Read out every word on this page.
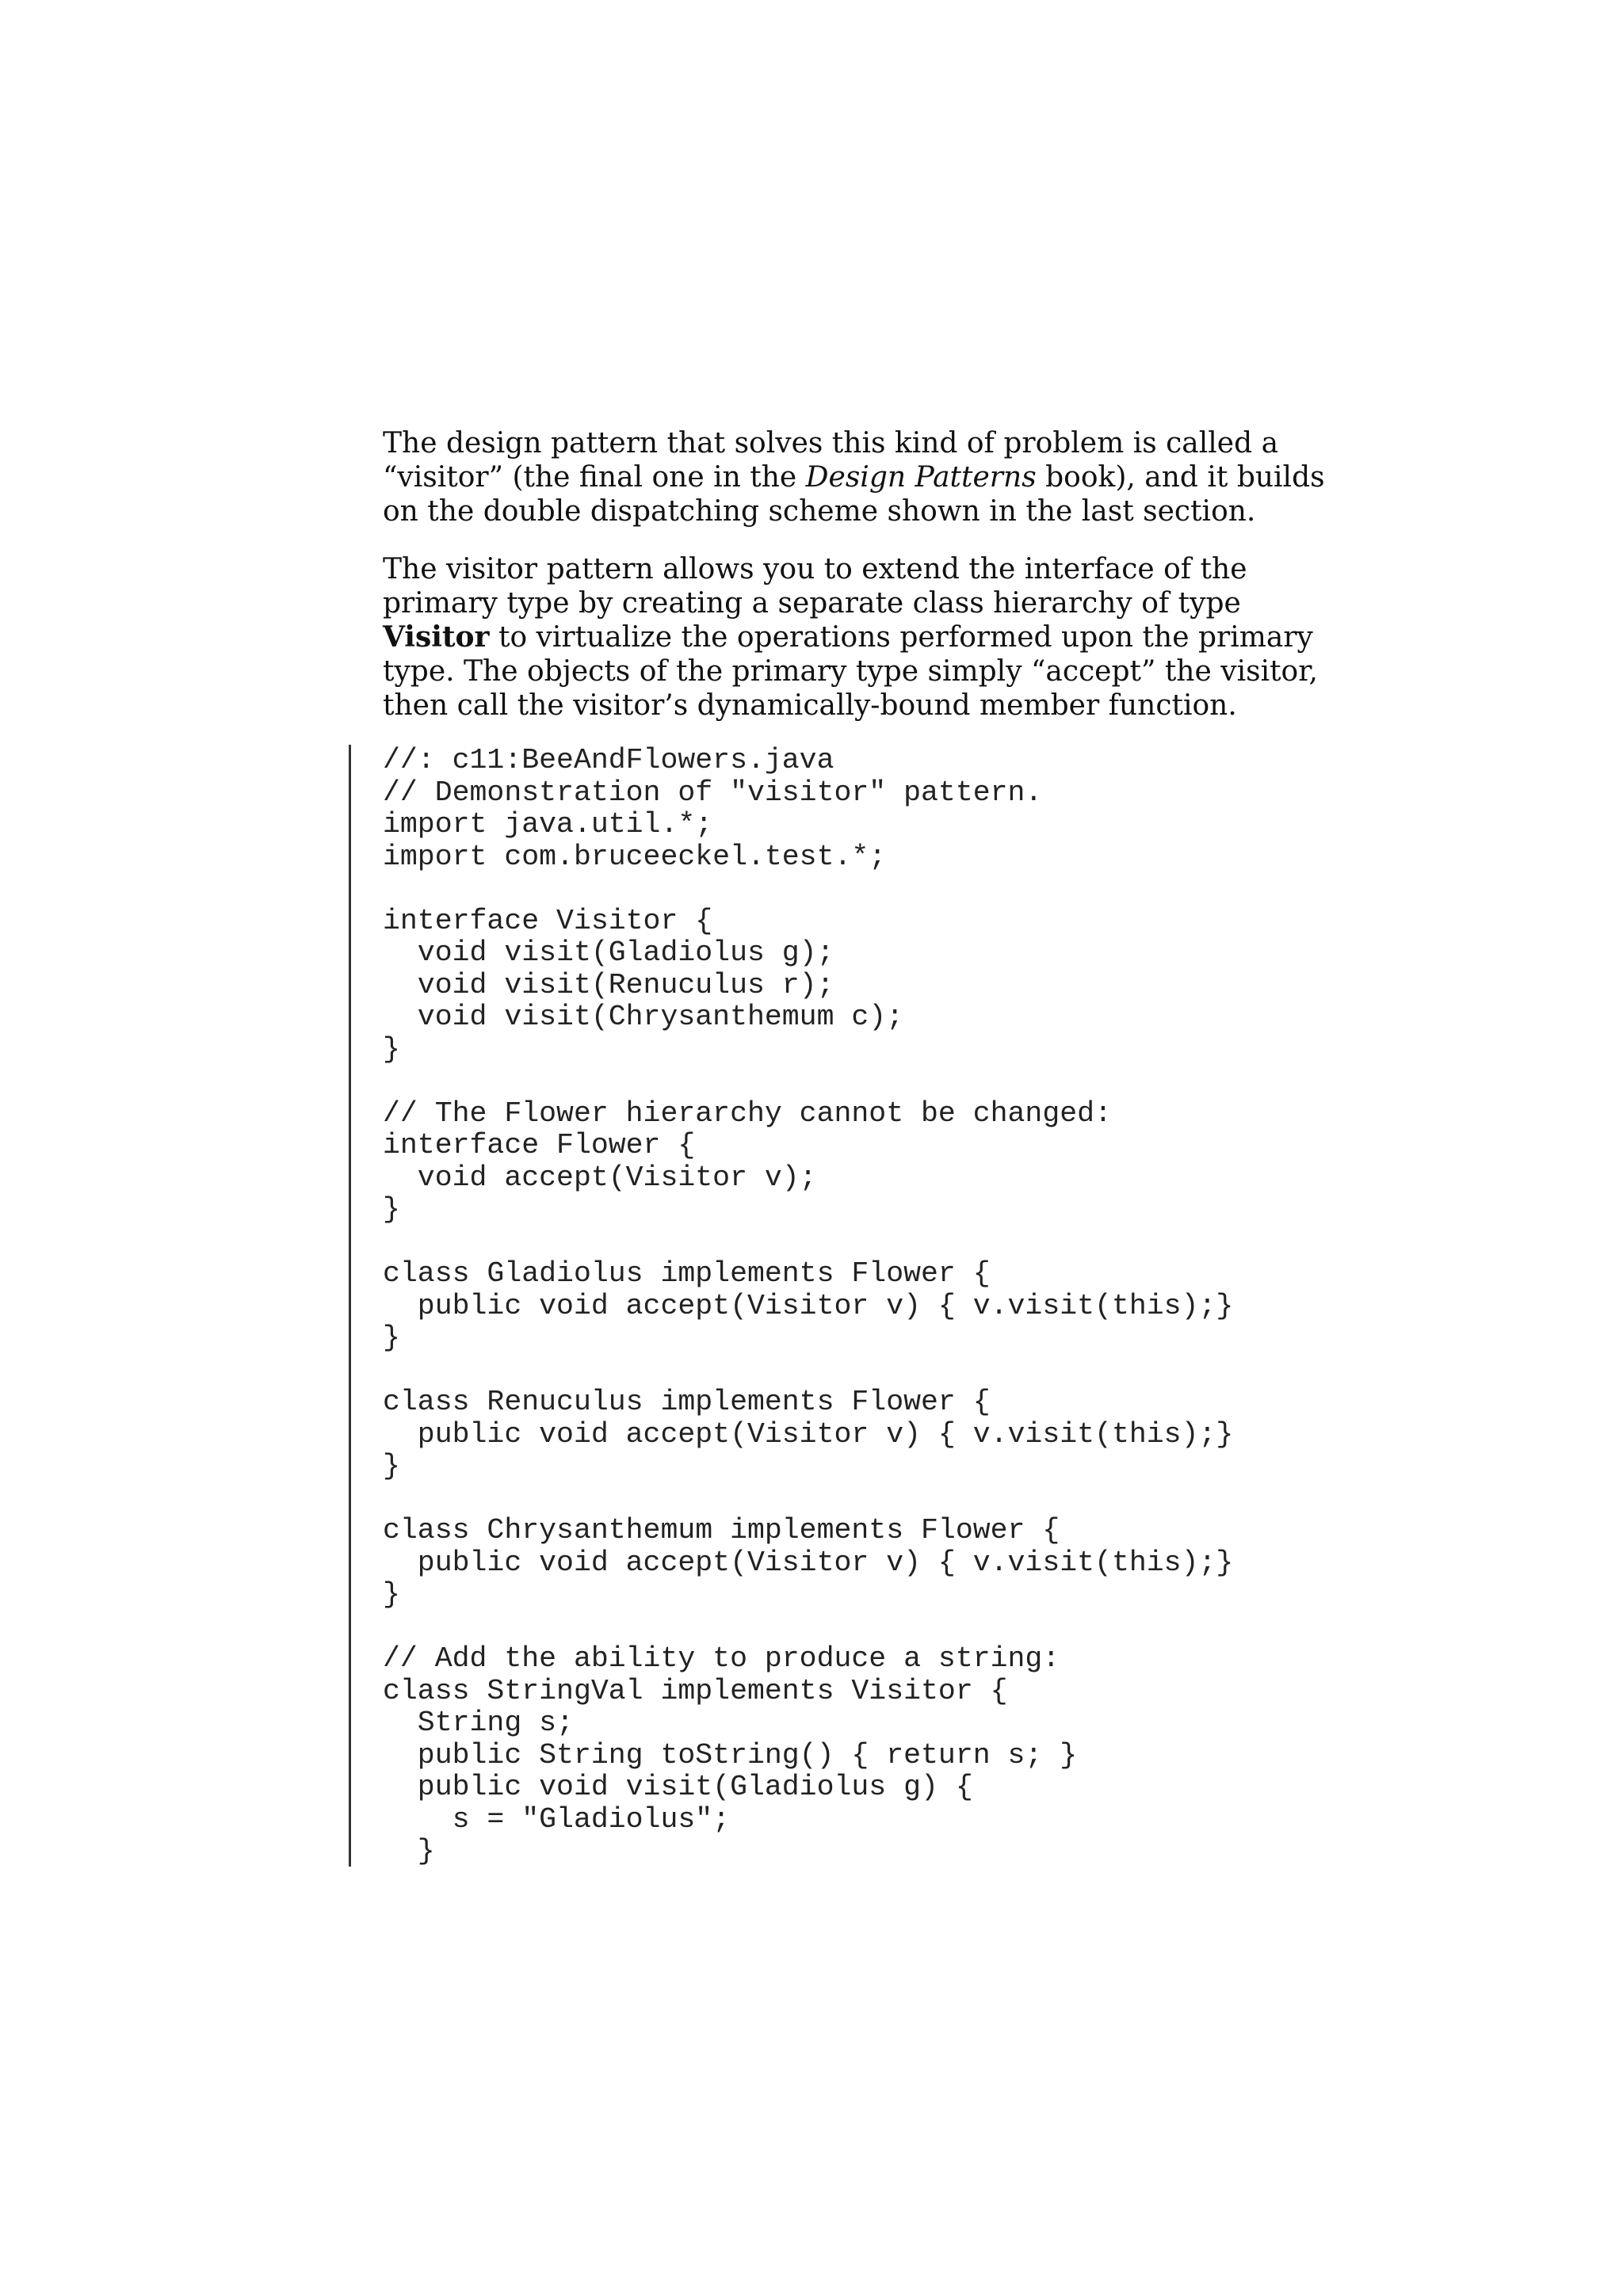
The design pattern that solves this kind of problem is called a “visitor” (the final one in the Design Patterns book), and it builds on the double dispatching scheme shown in the last section.

The visitor pattern allows you to extend the interface of the primary type by creating a separate class hierarchy of type Visitor to virtualize the operations performed upon the primary type. The objects of the primary type simply “accept” the visitor, then call the visitor’s dynamically-bound member function.

//: c11:BeeAndFlowers.java
// Demonstration of "visitor" pattern.
import java.util.*;
import com.bruceeckel.test.*;
interface Visitor {
void visit(Gladiolus g);
void visit(Renuculus r);
void visit(Chrysanthemum c);
}
// The Flower hierarchy cannot be changed:
interface Flower {
void accept(Visitor v);
}
class Gladiolus implements Flower {
public void accept(Visitor v) { v.visit(this);}
}
class Renuculus implements Flower {
public void accept(Visitor v) { v.visit(this);}
}
class Chrysanthemum implements Flower {
public void accept(Visitor v) { v.visit(this);}
}
// Add the ability to produce a string:
class StringVal implements Visitor {
String s;
public String toString() { return s; }
public void visit(Gladiolus g) {
s = "Gladiolus";
}
